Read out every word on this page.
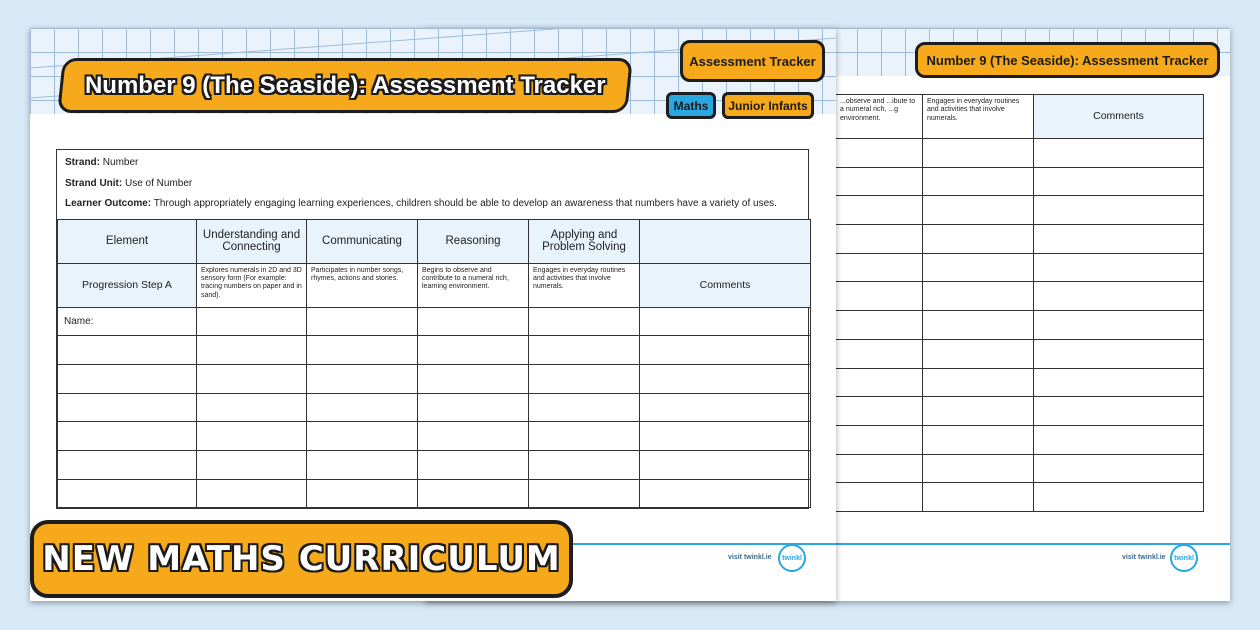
Number 9 (The Seaside): Assessment Tracker
...observe and ...ibute to a numeral rich, ...g environment.	Engages in everyday routines and activities that involve numerals.	Comments

visit twinkl.ie	twinkl
Number 9 (The Seaside): Assessment Tracker
Assessment Tracker
Maths Junior Infants
Strand: Number
Strand Unit: Use of Number
Learner Outcome: Through appropriately engaging learning experiences, children should be able to develop an awareness that numbers have a variety of uses.
Element	Understanding and Connecting	Communicating	Reasoning	Applying and Problem Solving	
Progression Step A	Explores numerals in 2D and 3D sensory form (For example: tracing numbers on paper and in sand).	Participates in number songs, rhymes, actions and stories.	Begins to observe and contribute to a numeral rich, learning environment.	Engages in everyday routines and activities that involve numerals.	Comments
Name:					

visit twinkl.ie	twinkl
NEW MATHS CURRICULUM
